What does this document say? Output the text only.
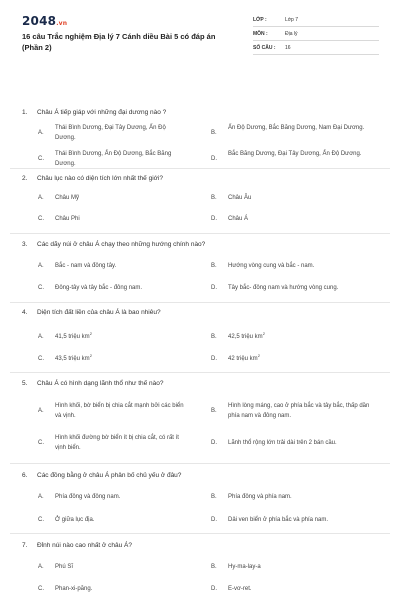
2048.vn
16 câu Trắc nghiệm Địa lý 7 Cánh diều Bài 5 có đáp án (Phần 2)
LỚP :	Lớp 7
MÔN :	Địa lý
SỐ CÂU :	16
1. Châu Á tiếp giáp với những đại dương nào ?
A.
Thái Bình Dương, Đại Tây Dương, Ấn Độ Dương.
B.
Ấn Độ Dương, Bắc Băng Dương, Nam Đại Dương.
C.
Thái Bình Dương, Ấn Độ Dương, Bắc Băng Dương.
D.
Bắc Băng Dương, Đại Tây Dương, Ấn Độ Dương.
2. Châu lục nào có diện tích lớn nhất thế giới?
A.	Châu Mỹ	B.	Châu Âu
C.	Châu Phi	D.	Châu Á
3. Các dãy núi ở châu Á chạy theo những hướng chính nào?
A.	Bắc - nam và đông tây.	B.	Hướng vòng cung và bắc - nam.
C.	Đông-tây và tây bắc - đông nam.	D.	Tây bắc- đông nam và hướng vòng cung.
4. Diện tích đất liền của châu Á là bao nhiêu?
A.	41,5 triệu $km^2$
B.	42,5 triệu $km^2$
C.	43,5 triệu $km^2$
D.	42 triệu $km^2$
5. Châu Á có hình dạng lãnh thổ như thế nào?
A.
Hình khối, bờ biển bị chia cắt mạnh bởi các biển và vịnh.
B.
Hình lòng máng, cao ở phía bắc và tây bắc, thấp dần phía nam và đông nam.
C.
Hình khối đường bờ biển ít bị chia cắt, có rất ít vịnh biển.
D.	Lãnh thổ rộng lớn trải dài trên 2 bán cầu.
6. Các đồng bằng ở châu Á phân bố chủ yếu ở đâu?
A.	Phía đông và đông nam.	B.	Phía đông và phía nam.
C.	Ở giữa lục địa.	D.	Dải ven biển ở phía bắc và phía nam.
7. Đỉnh núi nào cao nhất ở châu Á?
A.	Phú Sĩ	B.	Hy-ma-lay-a
C.	Phan-xi-păng.	D.	E-vơ-ret.
